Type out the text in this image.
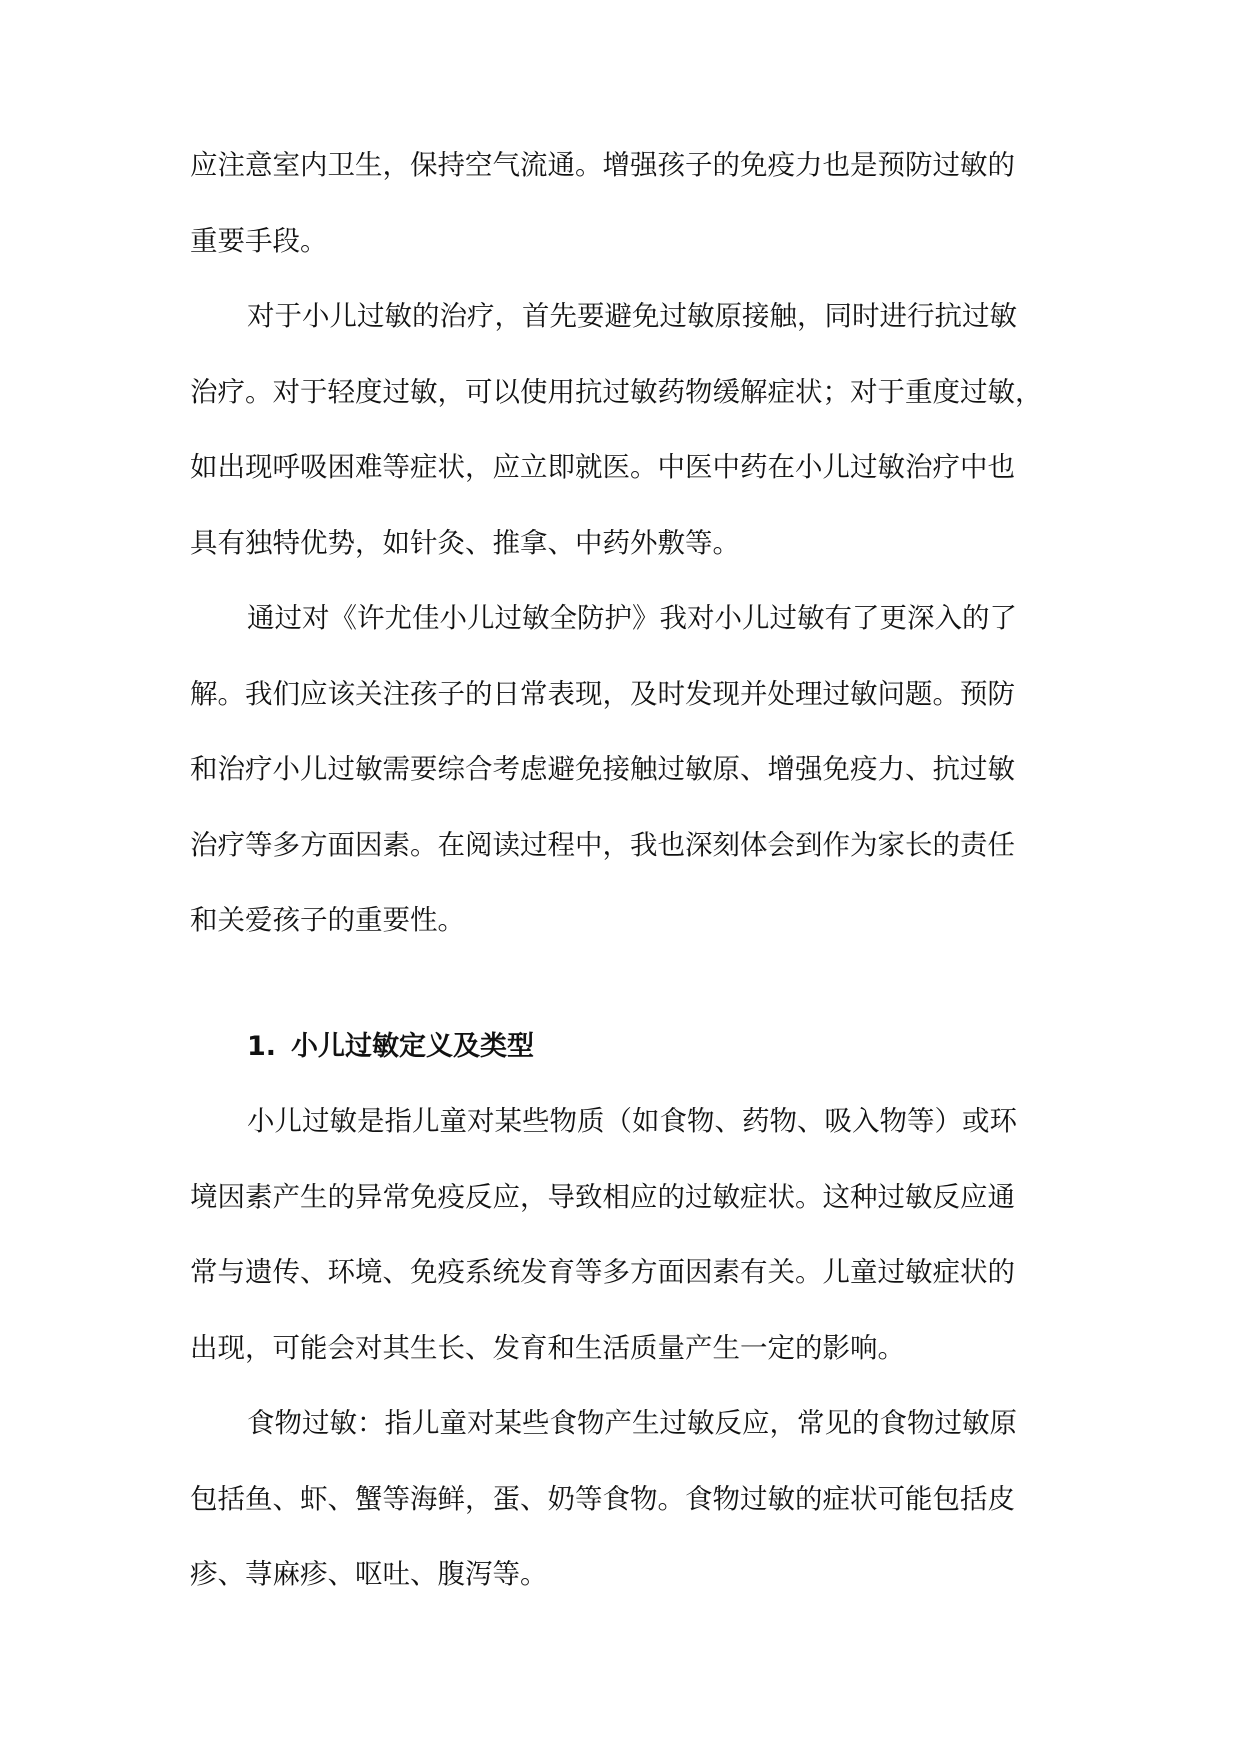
应注意室内卫生，保持空气流通。增强孩子的免疫力也是预防过敏的
重要手段。

对于小儿过敏的治疗，首先要避免过敏原接触，同时进行抗过敏
治疗。对于轻度过敏，可以使用抗过敏药物缓解症状；对于重度过敏，
如出现呼吸困难等症状，应立即就医。中医中药在小儿过敏治疗中也
具有独特优势，如针灸、推拿、中药外敷等。

通过对《许尤佳小儿过敏全防护》我对小儿过敏有了更深入的了
解。我们应该关注孩子的日常表现，及时发现并处理过敏问题。预防
和治疗小儿过敏需要综合考虑避免接触过敏原、增强免疫力、抗过敏
治疗等多方面因素。在阅读过程中，我也深刻体会到作为家长的责任
和关爱孩子的重要性。

1. 小儿过敏定义及类型

小儿过敏是指儿童对某些物质（如食物、药物、吸入物等）或环
境因素产生的异常免疫反应，导致相应的过敏症状。这种过敏反应通
常与遗传、环境、免疫系统发育等多方面因素有关。儿童过敏症状的
出现，可能会对其生长、发育和生活质量产生一定的影响。

食物过敏：指儿童对某些食物产生过敏反应，常见的食物过敏原
包括鱼、虾、蟹等海鲜，蛋、奶等食物。食物过敏的症状可能包括皮
疹、荨麻疹、呕吐、腹泻等。
